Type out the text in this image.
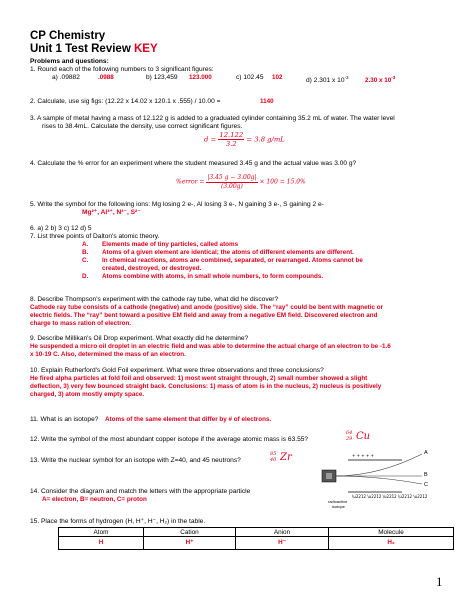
CP Chemistry
Unit 1 Test Review KEY
Problems and questions:
1. Round each of the following numbers to 3 significant figures:
a) .09882	.0988	b) 123,459 123.000	c) 102.45 102	d) 2.301 x $10^{-3}$	2.30 x $10^{-3}$
2. Calculate, use sig figs: (12.22 x 14.02 x 120.1 x .555) / 10.00 =	1140
3. A sample of metal having a mass of 12.122 g is added to a graduated cylinder containing 35.2 mL of water. The water level
rises to 38.4mL. Calculate the density, use correct significant figures.
$d = \frac{12.122}{3.2} = 3.8$ g/mL
4. Calculate the % error for an experiment where the student measured 3.45 g and the actual value was 3.00 g?
%error = $\frac{|3.45 g - 3.00g|}{(3.00g)} \times 100 = 15.0\%$
5. Write the symbol for the following ions: Mg losing 2 e-, Al losing 3 e-, N gaining 3 e-, S gaining 2 e-
Mg²⁺, Al³⁺, N³⁻, S²⁻
6. a) 2 b) 3 c) 12 d) 5
7. List three points of Dalton's atomic theory.
A. Elements made of tiny particles, called atoms
B. Atoms of a given element are identical; the atoms of different elements are different.
C. In chemical reactions, atoms are combined, separated, or rearranged. Atoms cannot be
created, destroyed, or destroyed.
D. Atoms combine with atoms, in small whole numbers, to form compounds.
8. Describe Thompson's experiment with the cathode ray tube, what did he discover?
Cathode ray tube consists of a cathode (negative) and anode (positive) side. The “ray” could be bent with magnetic or
electric fields. The “ray” bent toward a positive EM field and away from a negative EM field. Discovered electron and
charge to mass ration of electron.
9. Describe Millikan's Oil Drop experiment. What exactly did he determine?
He suspended a micro oil droplet in an electric field and was able to determine the actual charge of an electron to be -1.6
x 10-19 C. Also, determined the mass of an electron.
10. Explain Rutherford's Gold Foil experiment. What were three observations and three conclusions?
He fired alpha particles at fold foil and observed: 1) most went straight through, 2) small number showed a slight
deflection, 3) very few bounced straight back. Conclusions: 1) mass of atom is in the nucleus, 2) nucleus is positively
charged, 3) atom mostly empty space.
11. What is an isotope? Atoms of the same element that differ by # of electrons.
12. Write the symbol of the most abundant copper isotope if the average atomic mass is 63.55?
64
29 Cu
13. Write the nuclear symbol for an isotope with Z=40, and 45 neutrons?
85
40 Zr
14. Consider the diagram and match the letters with the appropriate particle
A= electron, B= neutron, C= proton
+ + + + +
\u2212 \u2212 \u2212 \u2212 \u2212
A
B
C
radioactive
isotope
15. Place the forms of hydrogen (H, H⁺, H⁻, H₂) in the table.
Atom	Cation	Anion	Molecule
H	H⁺	H⁻	H₂
1
